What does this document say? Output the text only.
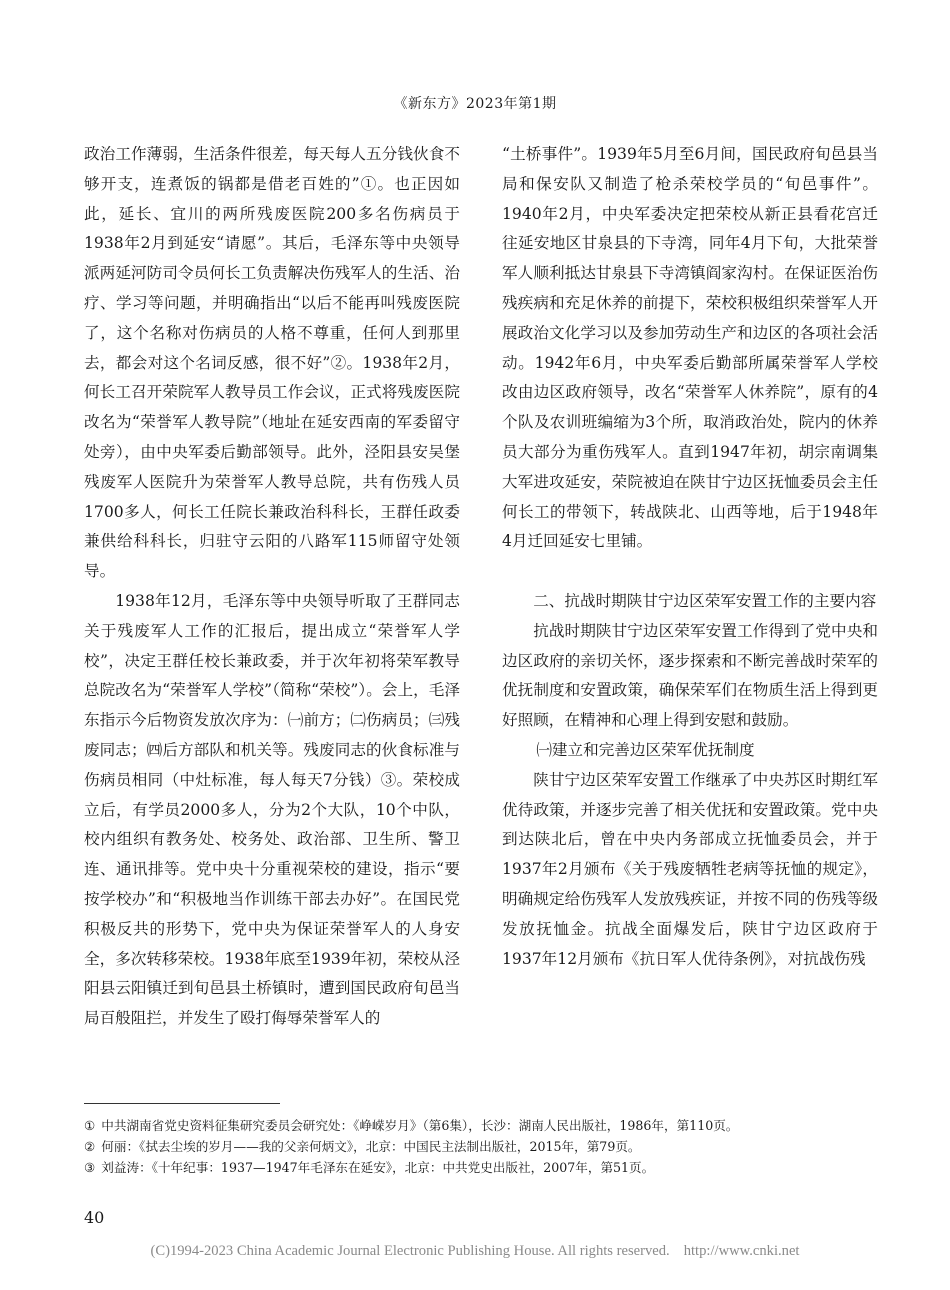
《新东方》2023年第1期

政治工作薄弱，生活条件很差，每天每人五分钱伙食不够开支，连煮饭的锅都是借老百姓的”①。也正因如此，延长、宜川的两所残废医院200多名伤病员于1938年2月到延安“请愿”。其后，毛泽东等中央领导派两延河防司令员何长工负责解决伤残军人的生活、治疗、学习等问题，并明确指出“以后不能再叫残废医院了，这个名称对伤病员的人格不尊重，任何人到那里去，都会对这个名词反感，很不好”②。1938年2月，何长工召开荣院军人教导员工作会议，正式将残废医院改名为“荣誉军人教导院”（地址在延安西南的军委留守处旁），由中央军委后勤部领导。此外，泾阳县安吴堡残废军人医院升为荣誉军人教导总院，共有伤残人员1700多人，何长工任院长兼政治科科长，王群任政委兼供给科科长，归驻守云阳的八路军115师留守处领导。

1938年12月，毛泽东等中央领导听取了王群同志关于残废军人工作的汇报后，提出成立“荣誉军人学校”，决定王群任校长兼政委，并于次年初将荣军教导总院改名为“荣誉军人学校”（简称“荣校”）。会上，毛泽东指示今后物资发放次序为：㈠前方；㈡伤病员；㈢残废同志；㈣后方部队和机关等。残废同志的伙食标准与伤病员相同（中灶标准，每人每天7分钱）③。荣校成立后，有学员2000多人，分为2个大队，10个中队，校内组织有教务处、校务处、政治部、卫生所、警卫连、通讯排等。党中央十分重视荣校的建设，指示“要按学校办”和“积极地当作训练干部去办好”。在国民党积极反共的形势下，党中央为保证荣誉军人的人身安全，多次转移荣校。1938年底至1939年初，荣校从泾阳县云阳镇迁到旬邑县土桥镇时，遭到国民政府旬邑当局百般阻拦，并发生了殴打侮辱荣誉军人的

“土桥事件”。1939年5月至6月间，国民政府旬邑县当局和保安队又制造了枪杀荣校学员的“旬邑事件”。1940年2月，中央军委决定把荣校从新正县看花宫迁往延安地区甘泉县的下寺湾，同年4月下旬，大批荣誉军人顺利抵达甘泉县下寺湾镇阎家沟村。在保证医治伤残疾病和充足休养的前提下，荣校积极组织荣誉军人开展政治文化学习以及参加劳动生产和边区的各项社会活动。1942年6月，中央军委后勤部所属荣誉军人学校改由边区政府领导，改名“荣誉军人休养院”，原有的4个队及农训班编缩为3个所，取消政治处，院内的休养员大部分为重伤残军人。直到1947年初，胡宗南调集大军进攻延安，荣院被迫在陕甘宁边区抚恤委员会主任何长工的带领下，转战陕北、山西等地，后于1948年4月迁回延安七里铺。

二、抗战时期陕甘宁边区荣军安置工作的主要内容

抗战时期陕甘宁边区荣军安置工作得到了党中央和边区政府的亲切关怀，逐步探索和不断完善战时荣军的优抚制度和安置政策，确保荣军们在物质生活上得到更好照顾，在精神和心理上得到安慰和鼓励。

㈠建立和完善边区荣军优抚制度

陕甘宁边区荣军安置工作继承了中央苏区时期红军优待政策，并逐步完善了相关优抚和安置政策。党中央到达陕北后，曾在中央内务部成立抚恤委员会，并于1937年2月颁布《关于残废牺牲老病等抚恤的规定》，明确规定给伤残军人发放残疾证，并按不同的伤残等级发放抚恤金。抗战全面爆发后，陕甘宁边区政府于1937年12月颁布《抗日军人优待条例》，对抗战伤残

① 中共湖南省党史资料征集研究委员会研究处：《峥嵘岁月》（第6集），长沙：湖南人民出版社，1986年，第110页。
② 何丽：《拭去尘埃的岁月——我的父亲何炳文》，北京：中国民主法制出版社，2015年，第79页。
③ 刘益涛：《十年纪事：1937—1947年毛泽东在延安》，北京：中共党史出版社，2007年，第51页。
40
(C)1994-2023 China Academic Journal Electronic Publishing House. All rights reserved. http://www.cnki.net
